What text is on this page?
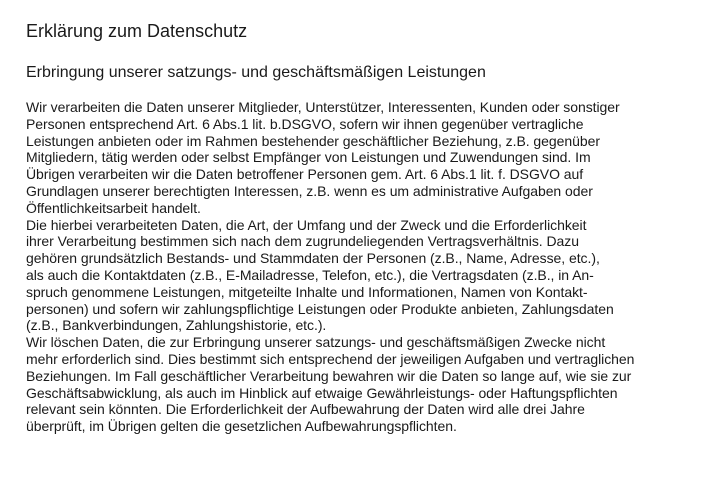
Erklärung zum Datenschutz
Erbringung unserer satzungs- und geschäftsmäßigen Leistungen
Wir verarbeiten die Daten unserer Mitglieder, Unterstützer, Interessenten, Kunden oder sonstiger
Personen entsprechend Art. 6 Abs.1 lit. b.DSGVO, sofern wir ihnen gegenüber vertragliche
Leistungen anbieten oder im Rahmen bestehender geschäftlicher Beziehung, z.B. gegenüber
Mitgliedern, tätig werden oder selbst Empfänger von Leistungen und Zuwendungen sind. Im
Übrigen verarbeiten wir die Daten betroffener Personen gem. Art. 6 Abs.1 lit. f. DSGVO auf
Grundlagen unserer berechtigten Interessen, z.B. wenn es um administrative Aufgaben oder
Öffentlichkeitsarbeit handelt.
Die hierbei verarbeiteten Daten, die Art, der Umfang und der Zweck und die Erforderlichkeit
ihrer Verarbeitung bestimmen sich nach dem zugrundeliegenden Vertragsverhältnis. Dazu
gehören grundsätzlich Bestands- und Stammdaten der Personen (z.B., Name, Adresse, etc.),
als auch die Kontaktdaten (z.B., E-Mailadresse, Telefon, etc.), die Vertragsdaten (z.B., in An-
spruch genommene Leistungen, mitgeteilte Inhalte und Informationen, Namen von Kontakt-
personen) und sofern wir zahlungspflichtige Leistungen oder Produkte anbieten, Zahlungsdaten
(z.B., Bankverbindungen, Zahlungshistorie, etc.).
Wir löschen Daten, die zur Erbringung unserer satzungs- und geschäftsmäßigen Zwecke nicht
mehr erforderlich sind. Dies bestimmt sich entsprechend der jeweiligen Aufgaben und vertraglichen
Beziehungen. Im Fall geschäftlicher Verarbeitung bewahren wir die Daten so lange auf, wie sie zur
Geschäftsabwicklung, als auch im Hinblick auf etwaige Gewährleistungs- oder Haftungspflichten
relevant sein könnten. Die Erforderlichkeit der Aufbewahrung der Daten wird alle drei Jahre
überprüft, im Übrigen gelten die gesetzlichen Aufbewahrungspflichten.
